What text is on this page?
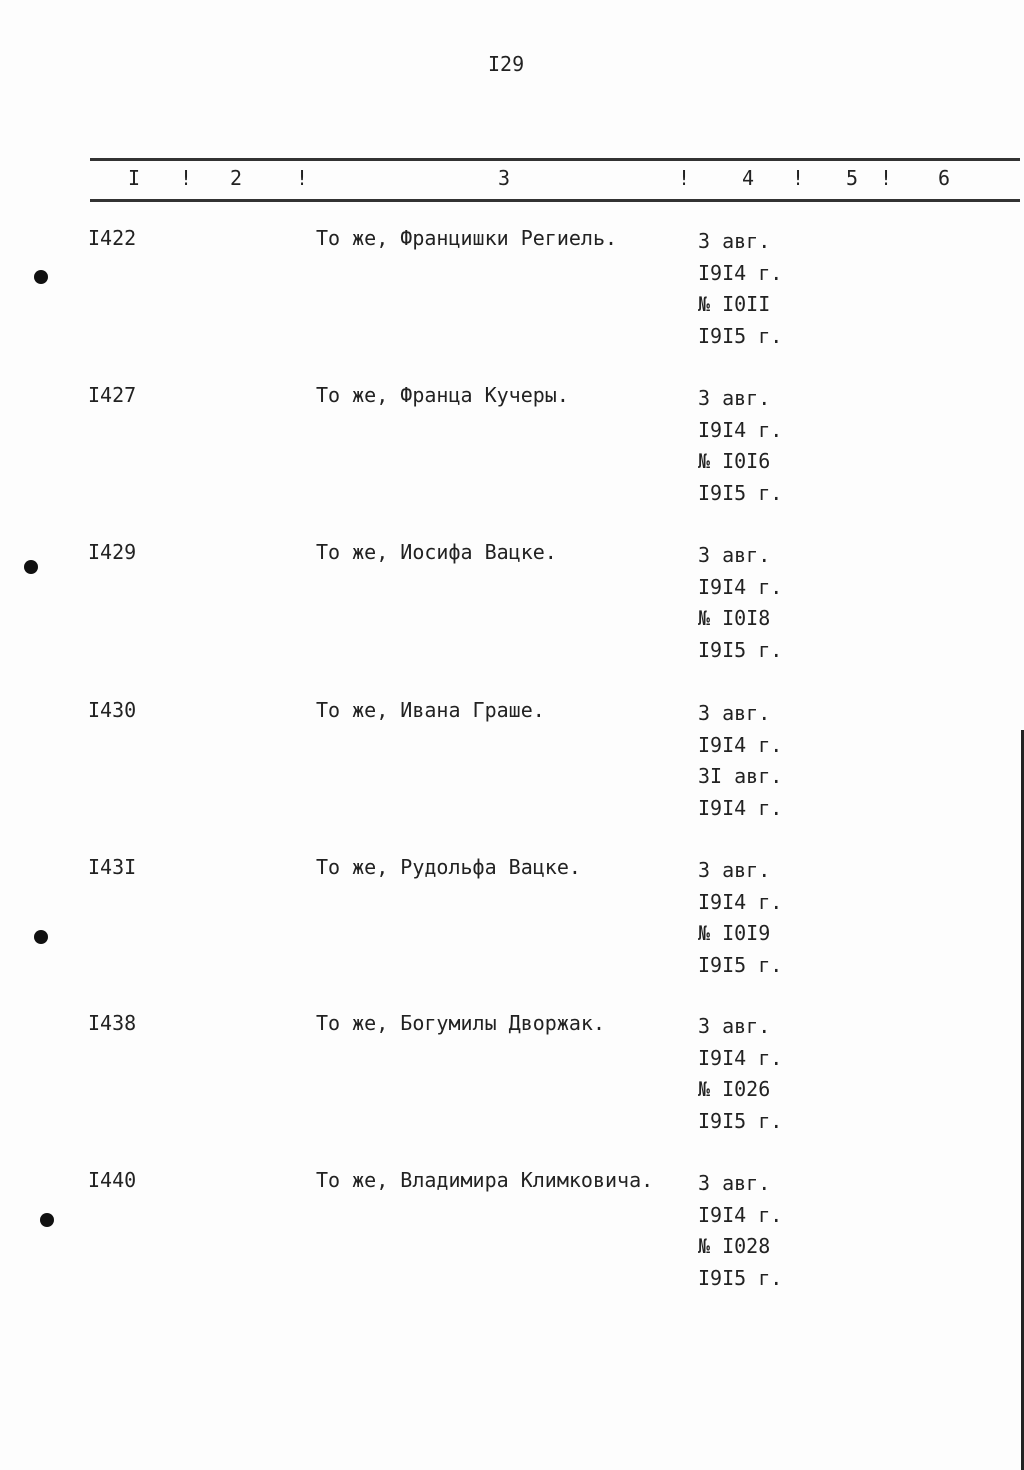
I29
I ! 2	!	3	!	4 ! 5 ! 6
I422	То же, Францишки Региель.	3 авг.
I9I4 г.
№ I0II
I9I5 г.
I427	То же, Франца Кучеры.	3 авг.
I9I4 г.
№ I0I6
I9I5 г.
I429	То же, Иосифа Вацке.	3 авг.
I9I4 г.
№ I0I8
I9I5 г.
I430	То же, Ивана Граше.	3 авг.
I9I4 г.
3I авг.
I9I4 г.
I43I	То же, Рудольфа Вацке.	3 авг.
I9I4 г.
№ I0I9
I9I5 г.
I438	То же, Богумилы Дворжак.	3 авг.
I9I4 г.
№ I026
I9I5 г.
I440	То же, Владимира Климковича. 3 авг.
I9I4 г.
№ I028
I9I5 г.
